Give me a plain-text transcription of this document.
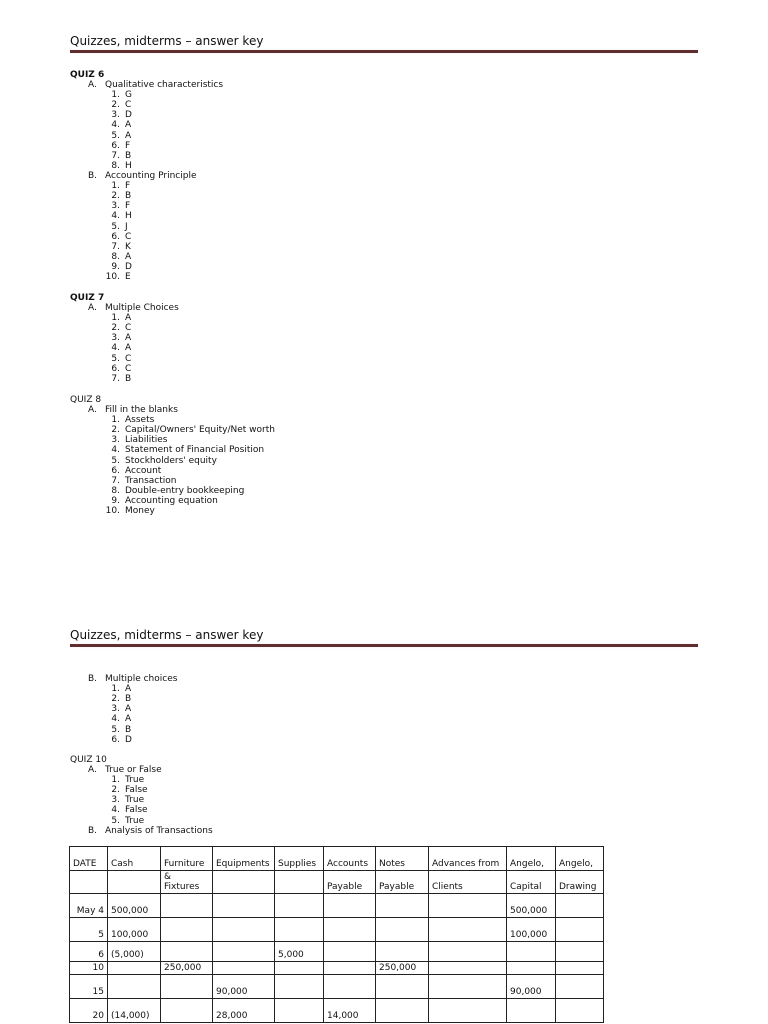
Quizzes, midterms – answer key
QUIZ 6
A. Qualitative characteristics
1. G
2. C
3. D
4. A
5. A
6. F
7. B
8. H
B. Accounting Principle
1. F
2. B
3. F
4. H
5. J
6. C
7. K
8. A
9. D
10. E
QUIZ 7
A. Multiple Choices
1. A
2. C
3. A
4. A
5. C
6. C
7. B
QUIZ 8
A. Fill in the blanks
1. Assets
2. Capital/Owners' Equity/Net worth
3. Liabilities
4. Statement of Financial Position
5. Stockholders' equity
6. Account
7. Transaction
8. Double-entry bookkeeping
9. Accounting equation
10. Money
Quizzes, midterms – answer key
B. Multiple choices
1. A
2. B
3. A
4. A
5. B
6. D
QUIZ 10
A. True or False
1. True
2. False
3. True
4. False
5. True
B. Analysis of Transactions
DATE	Cash	Furniture	Equipments	Supplies	Accounts	Notes	Advances from	Angelo,	Angelo,
		& Fixtures			Payable	Payable	Clients	Capital	Drawing
May 4	500,000							500,000	
5	100,000							100,000	
6	(5,000)			5,000					
10		250,000				250,000			
15			90,000					90,000	
20	(14,000)		28,000		14,000				
